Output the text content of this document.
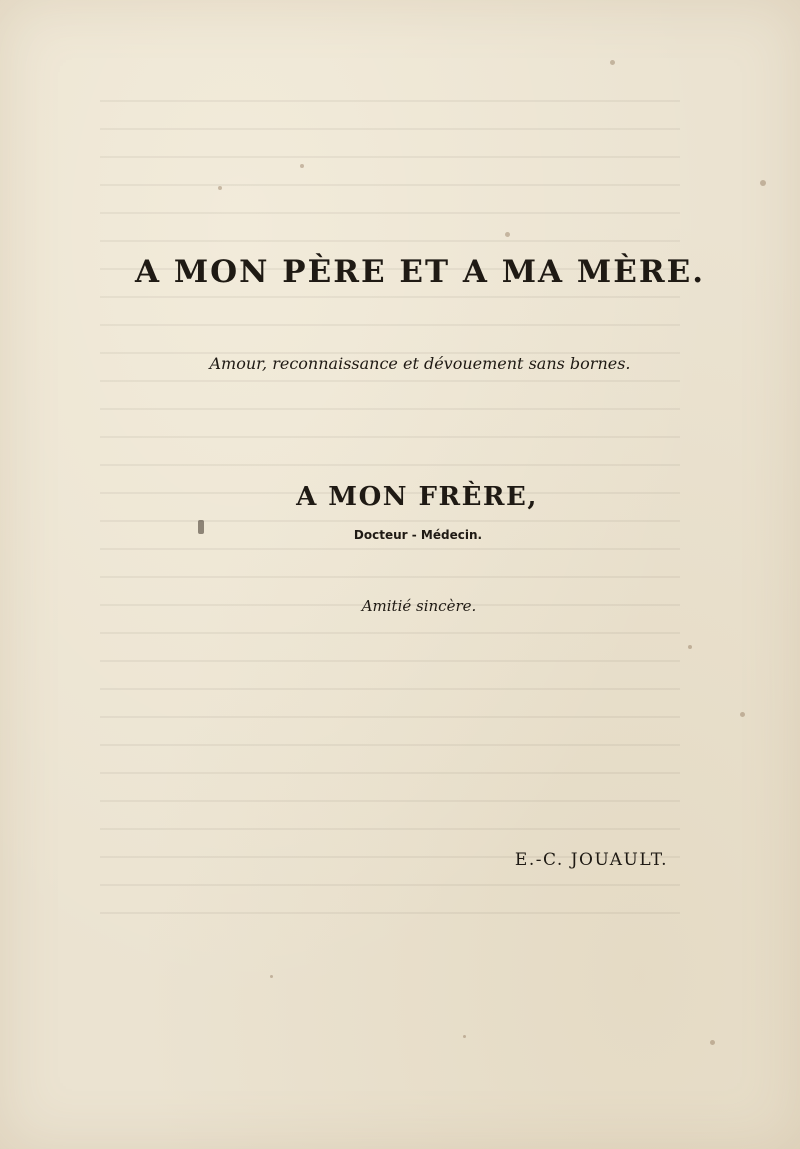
A MON PÈRE ET A MA MÈRE.
Amour, reconnaissance et dévouement sans bornes.
A MON FRÈRE,
Docteur - Médecin.
Amitié sincère.
E.-C. JOUAULT.
